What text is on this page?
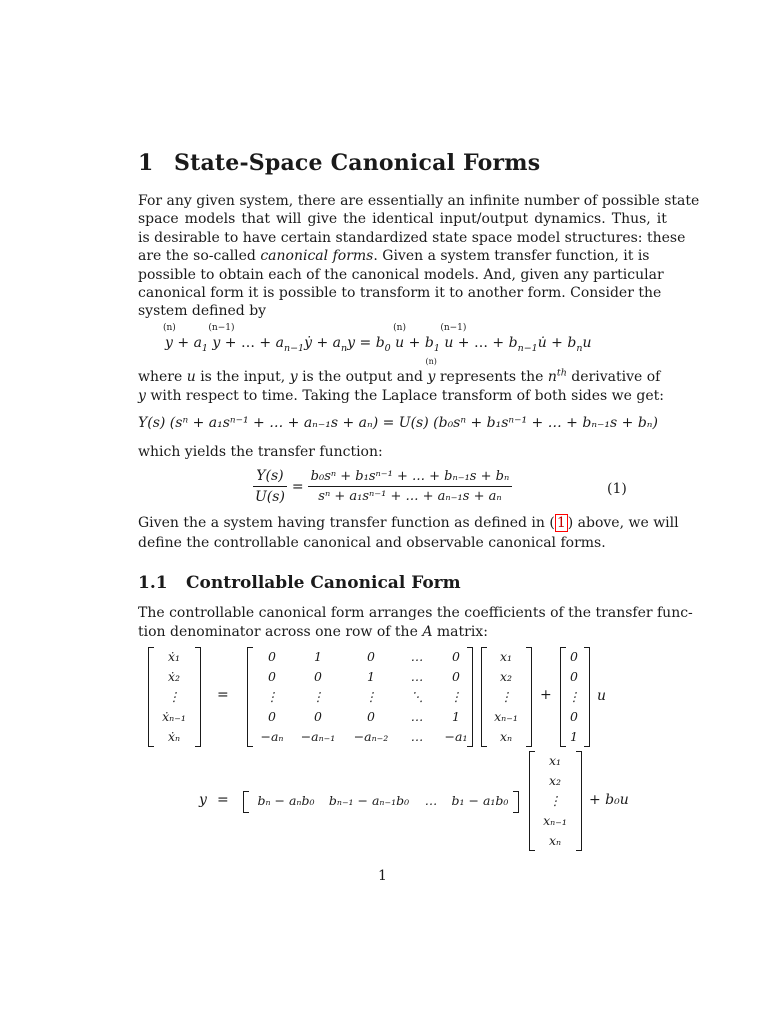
1 State-Space Canonical Forms
For any given system, there are essentially an infinite number of possible state
space models that will give the identical input/output dynamics. Thus, it
is desirable to have certain standardized state space model structures: these
are the so-called canonical forms. Given a system transfer function, it is
possible to obtain each of the canonical models. And, given any particular
canonical form it is possible to transform it to another form. Consider the
system defined by
(n)
$y + a_1$
(n−1)
y + … + $a_{n-1}ẏ + a_ny = b_0$
(n)
$u + b_1$
(n−1)
u + … + $b_{n-1}u̇ + b_nu$
where u is the input, y is the output and
(n)
y represents the $n^{th}$ derivative of
y with respect to time. Taking the Laplace transform of both sides we get:
Y(s) (sⁿ + a₁sⁿ⁻¹ + … + aₙ₋₁s + aₙ) = U(s) (b₀sⁿ + b₁sⁿ⁻¹ + … + bₙ₋₁s + bₙ)
which yields the transfer function:
$\frac{Y(s)}{U(s)} = \frac{\text{b₀sⁿ + b₁sⁿ⁻¹ + … + bₙ₋₁s + bₙ}}{\text{sⁿ + a₁sⁿ⁻¹ + … + aₙ₋₁s + aₙ}}$	(1)
Given the a system having transfer function as defined in ( 1 ) above, we will
define the controllable canonical and observable canonical forms.
1.1 Controllable Canonical Form
The controllable canonical form arranges the coefficients of the transfer func-
tion denominator across one row of the A matrix:
ẋ₁
ẋ₂
⋮
ẋₙ₋₁
ẋₙ
=
0	1	0	…	0
0	0	1	…	0
⋮	⋮	⋮	⋱	⋮
0	0	0	…	1
−aₙ	−aₙ₋₁	−aₙ₋₂	…	−a₁
x₁
x₂
⋮
xₙ₋₁
xₙ
+
0
0
⋮
0
1
u
y =	bₙ − aₙb₀	bₙ₋₁ − aₙ₋₁b₀	…	b₁ − a₁b₀
x₁
x₂
⋮
xₙ₋₁
xₙ
+ b₀u
1
